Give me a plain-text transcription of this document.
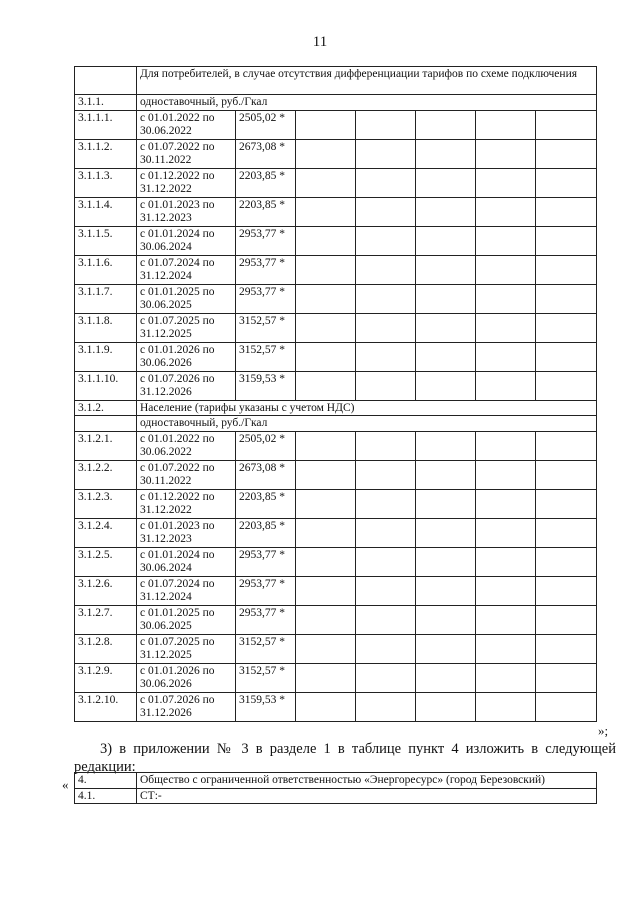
11
	Для потребителей, в случае отсутствия дифференциации тарифов по схеме подключения						
3.1.1.	одноставочный, руб./Гкал						
3.1.1.1.	с 01.01.2022 по 30.06.2022	2505,02 *					
3.1.1.2.	с 01.07.2022 по 30.11.2022	2673,08 *					
3.1.1.3.	с 01.12.2022 по 31.12.2022	2203,85 *					
3.1.1.4.	с 01.01.2023 по 31.12.2023	2203,85 *					
3.1.1.5.	с 01.01.2024 по 30.06.2024	2953,77 *					
3.1.1.6.	с 01.07.2024 по 31.12.2024	2953,77 *					
3.1.1.7.	с 01.01.2025 по 30.06.2025	2953,77 *					
3.1.1.8.	с 01.07.2025 по 31.12.2025	3152,57 *					
3.1.1.9.	с 01.01.2026 по 30.06.2026	3152,57 *					
3.1.1.10.	с 01.07.2026 по 31.12.2026	3159,53 *					
3.1.2.	Население (тарифы указаны с учетом НДС)						
	одноставочный, руб./Гкал						
3.1.2.1.	с 01.01.2022 по 30.06.2022	2505,02 *					
3.1.2.2.	с 01.07.2022 по 30.11.2022	2673,08 *					
3.1.2.3.	с 01.12.2022 по 31.12.2022	2203,85 *					
3.1.2.4.	с 01.01.2023 по 31.12.2023	2203,85 *					
3.1.2.5.	с 01.01.2024 по 30.06.2024	2953,77 *					
3.1.2.6.	с 01.07.2024 по 31.12.2024	2953,77 *					
3.1.2.7.	с 01.01.2025 по 30.06.2025	2953,77 *					
3.1.2.8.	с 01.07.2025 по 31.12.2025	3152,57 *					
3.1.2.9.	с 01.01.2026 по 30.06.2026	3152,57 *					
3.1.2.10.	с 01.07.2026 по 31.12.2026	3159,53 *					
»;
3) в приложении № 3 в разделе 1 в таблице пункт 4 изложить в следующей редакции:
« 4.	Общество с ограниченной ответственностью «Энергоресурс» (город Березовский)
4.1.	СТ:-
